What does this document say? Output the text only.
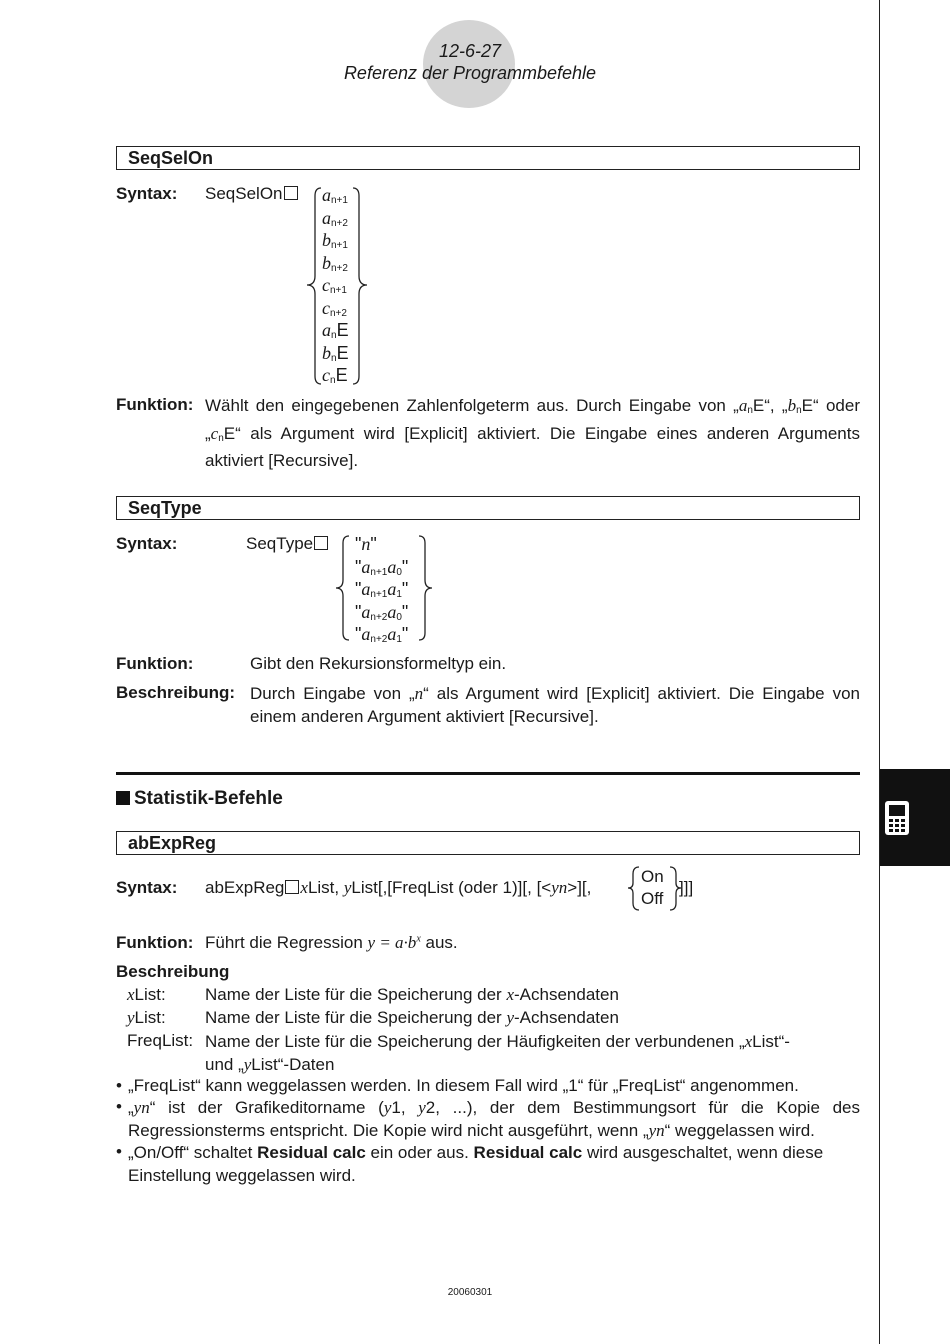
12-6-27
Referenz der Programmbefehle
SeqSelOn
Syntax: SeqSelOn	$a_{n+1}$
$a_{n+2}$
$b_{n+1}$
$b_{n+2}$
$c_{n+1}$
$c_{n+2}$
$a_nE$
$b_nE$
$c_nE$
Funktion: Wählt den eingegebenen Zahlenfolgeterm aus. Durch Eingabe von $„a_nE“$, $„b_nE“$ oder
$„c_nE“$ als Argument wird [Explicit] aktiviert. Die Eingabe eines anderen Arguments
aktiviert [Recursive].
SeqType
Syntax:	SeqType	"n"
"$a_{n+1}a_0$"
"$a_{n+1}a_1$"
"$a_{n+2}a_0$"
"$a_{n+2}a_1$"
Funktion:	Gibt den Rekursionsformeltyp ein.
Beschreibung: Durch Eingabe von „n“ als Argument wird [Explicit] aktiviert. Die Eingabe von
einem anderen Argument aktiviert [Recursive].
Statistik-Befehle
abExpReg
Syntax: abExpReg xList, yList[,[FreqList (oder 1)][, [<yn>][,
On
Off
]]]
Funktion: Führt die Regression $y = a\cdot b^x$ aus.
Beschreibung
xList: Name der Liste für die Speicherung der x-Achsendaten
yList: Name der Liste für die Speicherung der y-Achsendaten
FreqList: Name der Liste für die Speicherung der Häufigkeiten der verbundenen „xList“-
und „yList“-Daten
• „FreqList“ kann weggelassen werden. In diesem Fall wird „1“ für „FreqList“ angenommen.
• „yn“ ist der Grafikeditorname (y1, y2, ...), der dem Bestimmungsort für die Kopie des
Regressionsterms entspricht. Die Kopie wird nicht ausgeführt, wenn „yn“ weggelassen wird.
• „On/Off“ schaltet Residual calc ein oder aus. Residual calc wird ausgeschaltet, wenn diese
Einstellung weggelassen wird.
20060301
